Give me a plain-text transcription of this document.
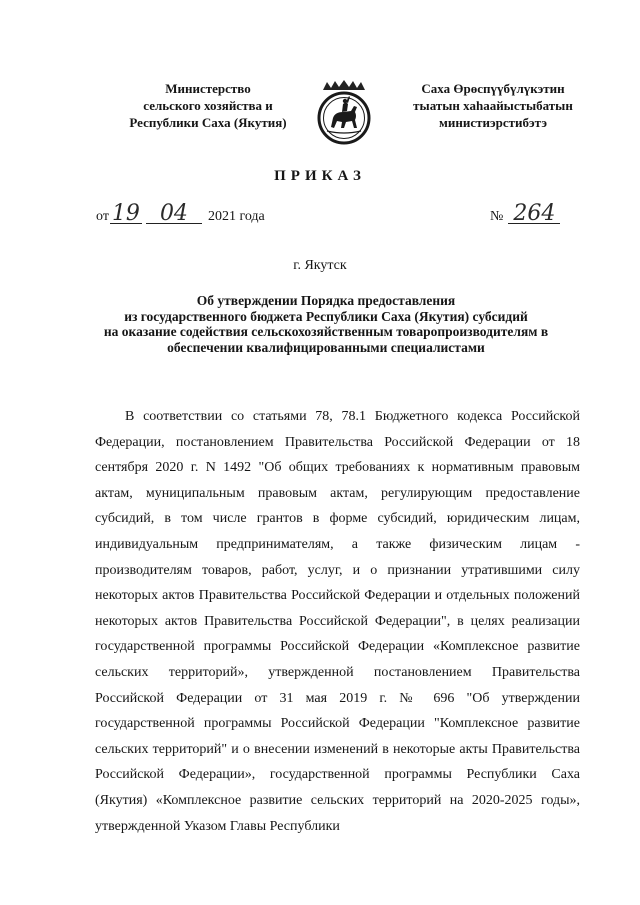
Министерство
сельского хозяйства и
Республики Саха (Якутия)
Саха Өрөспүүбүлүкэтин
тыатын хаһаайыстыбатын
министиэрстибэтэ
ПРИКАЗ
от 19 04 2021 года	№ 264
г. Якутск
Об утверждении Порядка предоставления
из государственного бюджета Республики Саха (Якутия) субсидий
на оказание содействия сельскохозяйственным товаропроизводителям в
обеспечении квалифицированными специалистами

В соответствии со статьями 78, 78.1 Бюджетного кодекса Российской Федерации, постановлением Правительства Российской Федерации от 18 сентября 2020 г. N 1492 "Об общих требованиях к нормативным правовым актам, муниципальным правовым актам, регулирующим предоставление субсидий, в том числе грантов в форме субсидий, юридическим лицам, индивидуальным предпринимателям, а также физическим лицам - производителям товаров, работ, услуг, и о признании утратившими силу некоторых актов Правительства Российской Федерации и отдельных положений некоторых актов Правительства Российской Федерации", в целях реализации государственной программы Российской Федерации «Комплексное развитие сельских территорий», утвержденной постановлением Правительства Российской Федерации от 31 мая 2019 г. № 696 "Об утверждении государственной программы Российской Федерации "Комплексное развитие сельских территорий" и о внесении изменений в некоторые акты Правительства Российской Федерации», государственной программы Республики Саха (Якутия) «Комплексное развитие сельских территорий на 2020-2025 годы», утвержденной Указом Главы Республики
